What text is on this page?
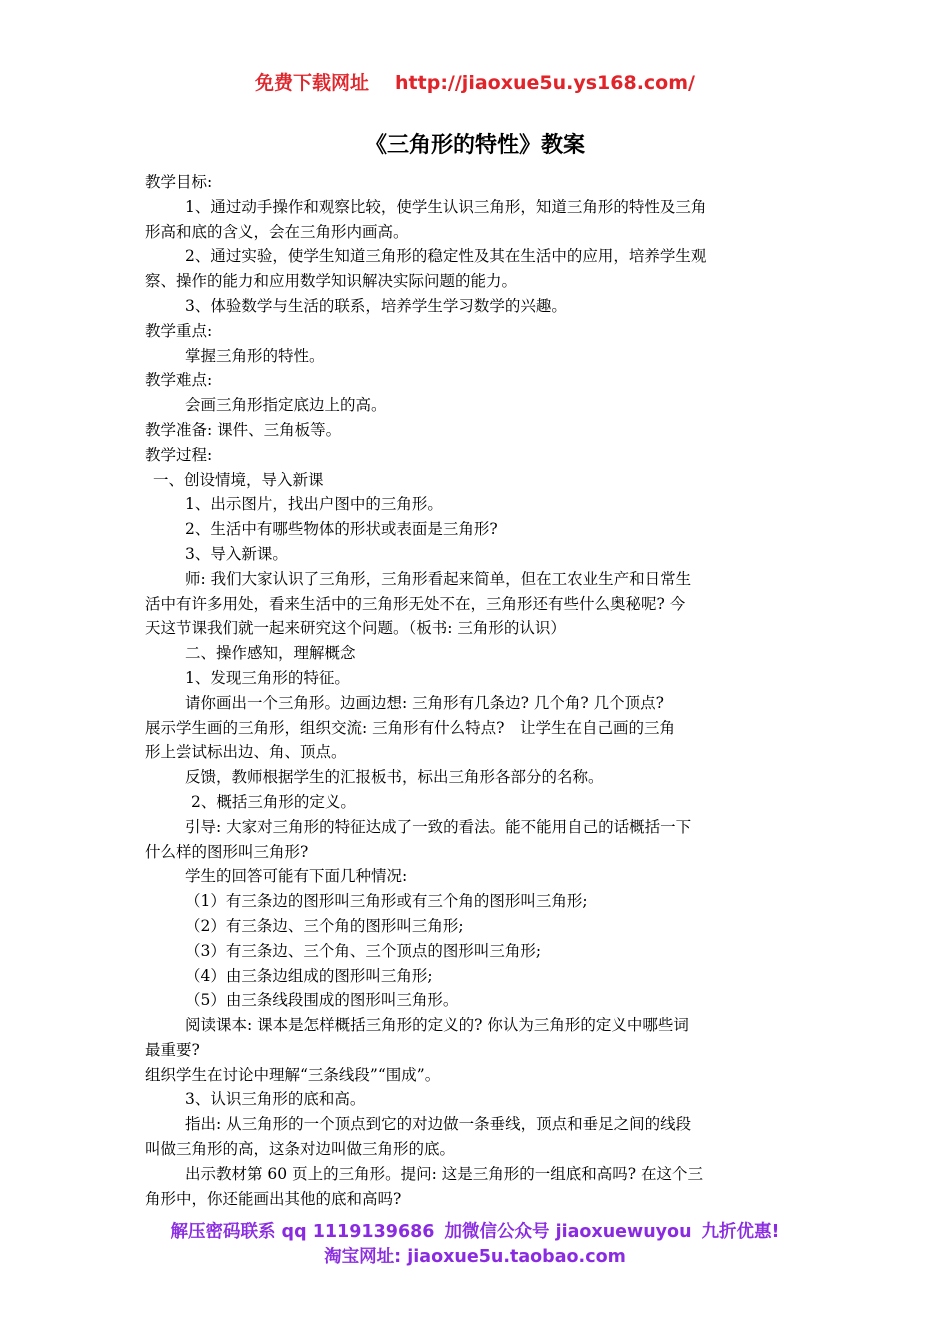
免费下载网址 http://jiaoxue5u.ys168.com/
《三角形的特性》教案

教学目标:

1、通过动手操作和观察比较，使学生认识三角形，知道三角形的特性及三角

形高和底的含义，会在三角形内画高。

2、通过实验，使学生知道三角形的稳定性及其在生活中的应用，培养学生观

察、操作的能力和应用数学知识解决实际问题的能力。

3、体验数学与生活的联系，培养学生学习数学的兴趣。

教学重点:

掌握三角形的特性。

教学难点:

会画三角形指定底边上的高。

教学准备: 课件、三角板等。

教学过程:

一、创设情境，导入新课

1、出示图片，找出户图中的三角形。

2、生活中有哪些物体的形状或表面是三角形?

3、导入新课。

师: 我们大家认识了三角形，三角形看起来简单，但在工农业生产和日常生

活中有许多用处，看来生活中的三角形无处不在，三角形还有些什么奥秘呢? 今

天这节课我们就一起来研究这个问题。（板书: 三角形的认识）

二、操作感知，理解概念

1、发现三角形的特征。

请你画出一个三角形。边画边想: 三角形有几条边? 几个角? 几个顶点?

展示学生画的三角形，组织交流: 三角形有什么特点?　让学生在自己画的三角

形上尝试标出边、角、顶点。

反馈，教师根据学生的汇报板书，标出三角形各部分的名称。

2、概括三角形的定义。

引导: 大家对三角形的特征达成了一致的看法。能不能用自己的话概括一下

什么样的图形叫三角形?

学生的回答可能有下面几种情况:

（1）有三条边的图形叫三角形或有三个角的图形叫三角形;

（2）有三条边、三个角的图形叫三角形;

（3）有三条边、三个角、三个顶点的图形叫三角形;

（4）由三条边组成的图形叫三角形;

（5）由三条线段围成的图形叫三角形。

阅读课本: 课本是怎样概括三角形的定义的? 你认为三角形的定义中哪些词

最重要?

组织学生在讨论中理解“三条线段”“围成”。

3、认识三角形的底和高。

指出: 从三角形的一个顶点到它的对边做一条垂线，顶点和垂足之间的线段

叫做三角形的高，这条对边叫做三角形的底。

出示教材第 60 页上的三角形。提问: 这是三角形的一组底和高吗? 在这个三

角形中，你还能画出其他的底和高吗?

解压密码联系 qq 1119139686 加微信公众号 jiaoxuewuyou 九折优惠!
淘宝网址: jiaoxue5u.taobao.com
